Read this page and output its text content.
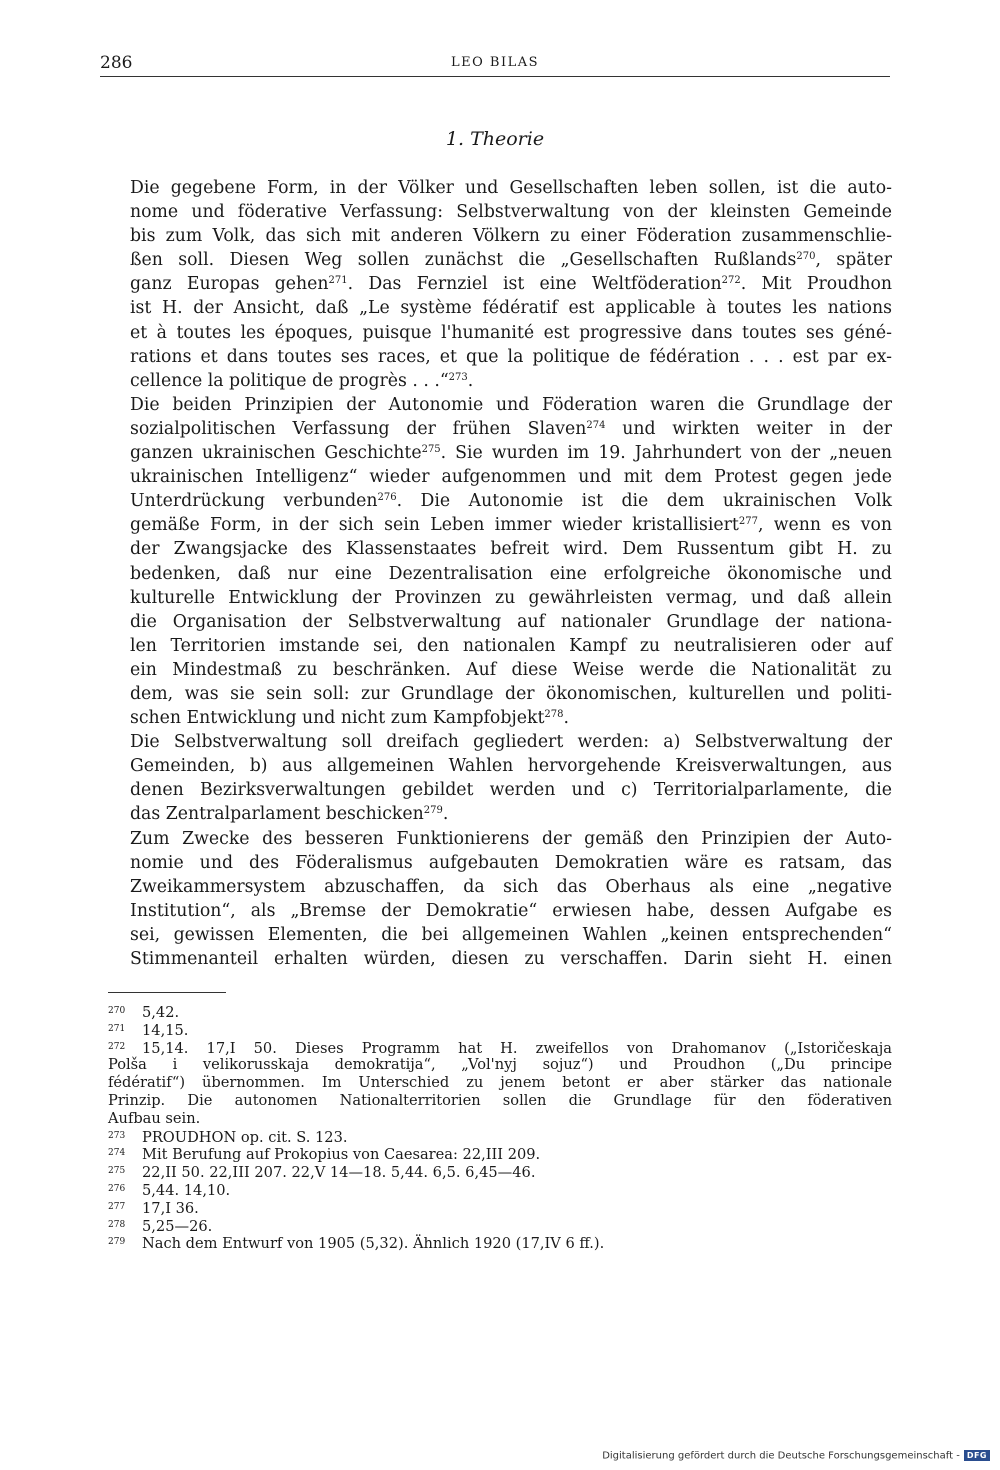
286	LEO BILAS
1. Theorie
Die gegebene Form, in der Völker und Gesellschaften leben sollen, ist die auto-
nome und föderative Verfassung: Selbstverwaltung von der kleinsten Gemeinde
bis zum Volk, das sich mit anderen Völkern zu einer Föderation zusammenschlie-
ßen soll. Diesen Weg sollen zunächst die „Gesellschaften Rußlands$^{270}$, später
ganz Europas gehen$^{271}$. Das Fernziel ist eine Weltföderation$^{272}$. Mit Proudhon
ist H. der Ansicht, daß „Le système fédératif est applicable à toutes les nations
et à toutes les époques, puisque l'humanité est progressive dans toutes ses géné-
rations et dans toutes ses races, et que la politique de fédération . . . est par ex-
cellence la politique de progrès . . .“$^{273}$.
Die beiden Prinzipien der Autonomie und Föderation waren die Grundlage der
sozialpolitischen Verfassung der frühen Slaven$^{274}$ und wirkten weiter in der
ganzen ukrainischen Geschichte$^{275}$. Sie wurden im 19. Jahrhundert von der „neuen
ukrainischen Intelligenz“ wieder aufgenommen und mit dem Protest gegen jede
Unterdrückung verbunden$^{276}$. Die Autonomie ist die dem ukrainischen Volk
gemäße Form, in der sich sein Leben immer wieder kristallisiert$^{277}$, wenn es von
der Zwangsjacke des Klassenstaates befreit wird. Dem Russentum gibt H. zu
bedenken, daß nur eine Dezentralisation eine erfolgreiche ökonomische und
kulturelle Entwicklung der Provinzen zu gewährleisten vermag, und daß allein
die Organisation der Selbstverwaltung auf nationaler Grundlage der nationa-
len Territorien imstande sei, den nationalen Kampf zu neutralisieren oder auf
ein Mindestmaß zu beschränken. Auf diese Weise werde die Nationalität zu
dem, was sie sein soll: zur Grundlage der ökonomischen, kulturellen und politi-
schen Entwicklung und nicht zum Kampfobjekt$^{278}$.
Die Selbstverwaltung soll dreifach gegliedert werden: a) Selbstverwaltung der
Gemeinden, b) aus allgemeinen Wahlen hervorgehende Kreisverwaltungen, aus
denen Bezirksverwaltungen gebildet werden und c) Territorialparlamente, die
das Zentralparlament beschicken$^{279}$.
Zum Zwecke des besseren Funktionierens der gemäß den Prinzipien der Auto-
nomie und des Föderalismus aufgebauten Demokratien wäre es ratsam, das
Zweikammersystem abzuschaffen, da sich das Oberhaus als eine „negative
Institution“, als „Bremse der Demokratie“ erwiesen habe, dessen Aufgabe es
sei, gewissen Elementen, die bei allgemeinen Wahlen „keinen entsprechenden“
Stimmenanteil erhalten würden, diesen zu verschaffen. Darin sieht H. einen
270 5,42.
271 14,15.
272 15,14. 17,I 50. Dieses Programm hat H. zweifellos von Drahomanov („Istoričeskaja
Polša i velikorusskaja demokratija“, „Vol'nyj sojuz“) und Proudhon („Du principe
fédératif“) übernommen. Im Unterschied zu jenem betont er aber stärker das nationale
Prinzip. Die autonomen Nationalterritorien sollen die Grundlage für den föderativen
Aufbau sein.
273 PROUDHON op. cit. S. 123.
274 Mit Berufung auf Prokopius von Caesarea: 22,III 209.
275 22,II 50. 22,III 207. 22,V 14—18. 5,44. 6,5. 6,45—46.
276 5,44. 14,10.
277 17,I 36.
278 5,25—26.
279 Nach dem Entwurf von 1905 (5,32). Ähnlich 1920 (17,IV 6 ff.).
Digitalisierung gefördert durch die Deutsche Forschungsgemeinschaft - DFG
